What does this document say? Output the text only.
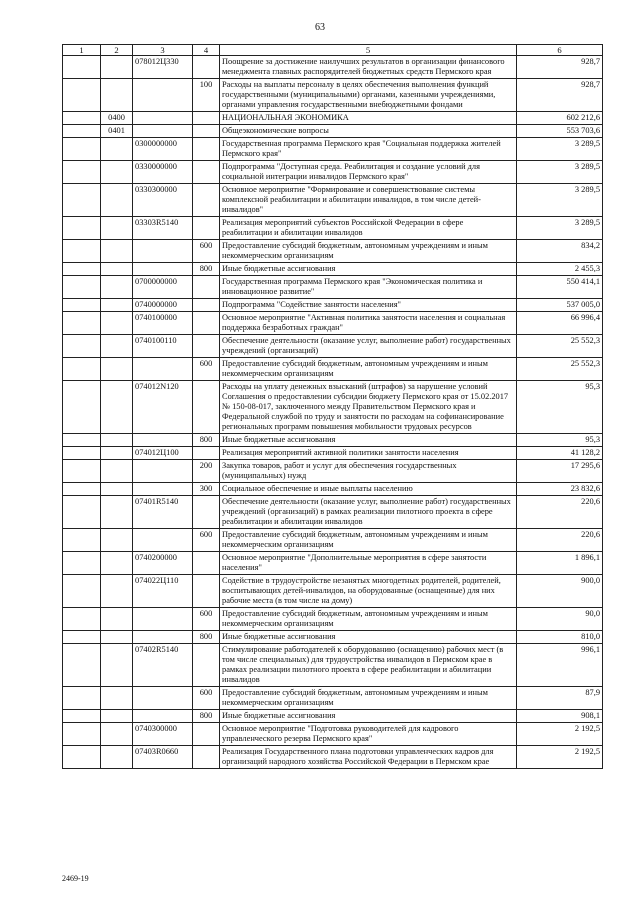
63
1	2	3	4	5	6
		078012Ц330		Поощрение за достижение наилучших результатов в организации финансового менеджмента главных распорядителей бюджетных средств Пермского края	928,7
			100	Расходы на выплаты персоналу в целях обеспечения выполнения функций государственными (муниципальными) органами, казенными учреждениями, органами управления государственными внебюджетными фондами	928,7
	0400			НАЦИОНАЛЬНАЯ ЭКОНОМИКА	602 212,6
	0401			Общеэкономические вопросы	553 703,6
		0300000000		Государственная программа Пермского края "Социальная поддержка жителей Пермского края"	3 289,5
		0330000000		Подпрограмма "Доступная среда. Реабилитация и создание условий для социальной интеграции инвалидов Пермского края"	3 289,5
		0330300000		Основное мероприятие "Формирование и совершенствование системы комплексной реабилитации и абилитации инвалидов, в том числе детей-инвалидов"	3 289,5
		03303R5140		Реализация мероприятий субъектов Российской Федерации в сфере реабилитации и абилитации инвалидов	3 289,5
			600	Предоставление субсидий бюджетным, автономным учреждениям и иным некоммерческим организациям	834,2
			800	Иные бюджетные ассигнования	2 455,3
		0700000000		Государственная программа Пермского края "Экономическая политика и инновационное развитие"	550 414,1
		0740000000		Подпрограмма "Содействие занятости населения"	537 005,0
		0740100000		Основное мероприятие "Активная политика занятости населения и социальная поддержка безработных граждан"	66 996,4
		0740100110		Обеспечение деятельности (оказание услуг, выполнение работ) государственных учреждений (организаций)	25 552,3
			600	Предоставление субсидий бюджетным, автономным учреждениям и иным некоммерческим организациям	25 552,3
		074012N120		Расходы на уплату денежных взысканий (штрафов) за нарушение условий Соглашения о предоставлении субсидии бюджету Пермского края от 15.02.2017 № 150-08-017, заключенного между Правительством Пермского края и Федеральной службой по труду и занятости по расходам на софинансирование региональных программ повышения мобильности трудовых ресурсов	95,3
			800	Иные бюджетные ассигнования	95,3
		074012Ц100		Реализация мероприятий активной политики занятости населения	41 128,2
			200	Закупка товаров, работ и услуг для обеспечения государственных (муниципальных) нужд	17 295,6
			300	Социальное обеспечение и иные выплаты населению	23 832,6
		07401R5140		Обеспечение деятельности (оказание услуг, выполнение работ) государственных учреждений (организаций) в рамках реализации пилотного проекта в сфере реабилитации и абилитации инвалидов	220,6
			600	Предоставление субсидий бюджетным, автономным учреждениям и иным некоммерческим организациям	220,6
		0740200000		Основное мероприятие "Дополнительные мероприятия в сфере занятости населения"	1 896,1
		074022Ц110		Содействие в трудоустройстве незанятых многодетных родителей, родителей, воспитывающих детей-инвалидов, на оборудованные (оснащенные) для них рабочие места (в том числе на дому)	900,0
			600	Предоставление субсидий бюджетным, автономным учреждениям и иным некоммерческим организациям	90,0
			800	Иные бюджетные ассигнования	810,0
		07402R5140		Стимулирование работодателей к оборудованию (оснащению) рабочих мест (в том числе специальных) для трудоустройства инвалидов в Пермском крае в рамках реализации пилотного проекта в сфере реабилитации и абилитации инвалидов	996,1
			600	Предоставление субсидий бюджетным, автономным учреждениям и иным некоммерческим организациям	87,9
			800	Иные бюджетные ассигнования	908,1
		0740300000		Основное мероприятие "Подготовка руководителей для кадрового управленческого резерва Пермского края"	2 192,5
		07403R0660		Реализация Государственного плана подготовки управленческих кадров для организаций народного хозяйства Российской Федерации в Пермском крае	2 192,5
2469-19
